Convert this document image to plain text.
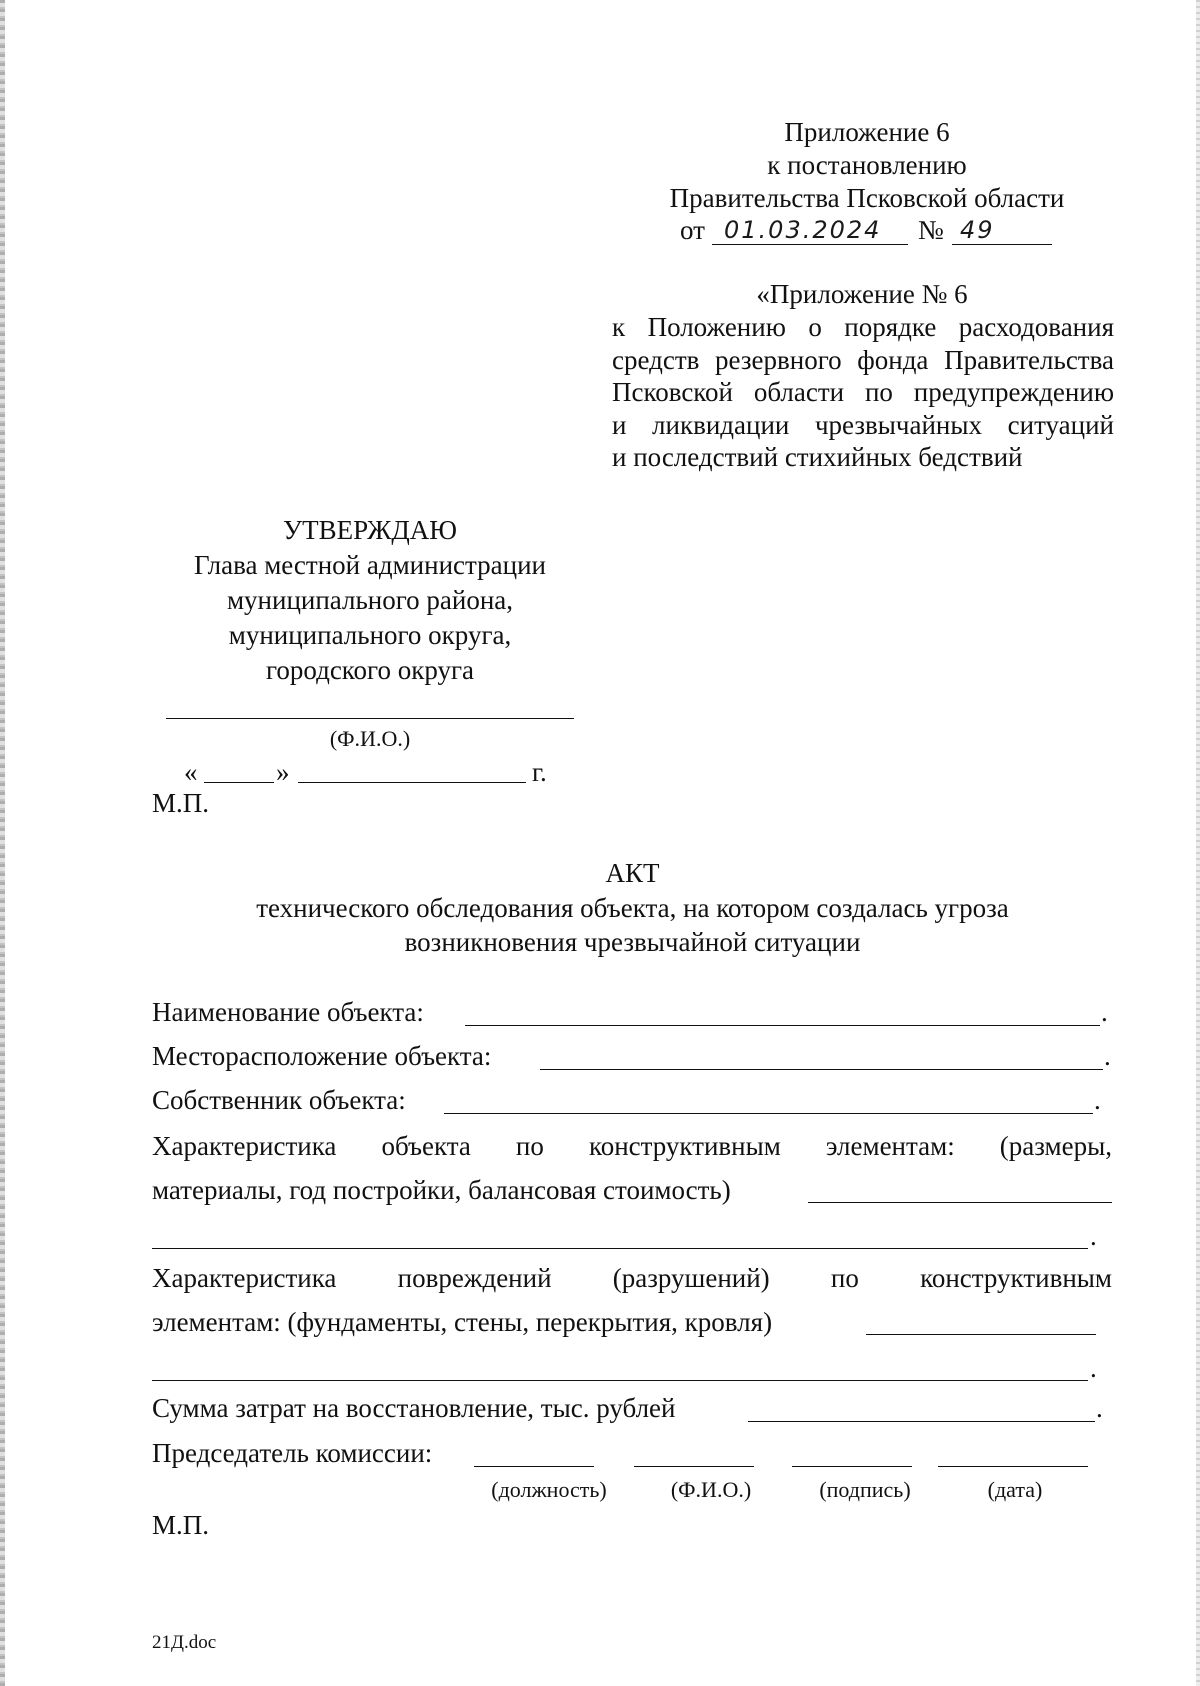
Приложение 6
к постановлению
Правительства Псковской области
от 01.03.2024 № 49
«Приложение № 6
к Положению о порядке расходования
средств резервного фонда Правительства
Псковской области по предупреждению
и ликвидации чрезвычайных ситуаций
и последствий стихийных бедствий
УТВЕРЖДАЮ
Глава местной администрации
муниципального района,
муниципального округа,
городского округа
(Ф.И.О.)
«	»	г.
М.П.
АКТ
технического обследования объекта, на котором создалась угроза
возникновения чрезвычайной ситуации
Наименование объекта:	.
Месторасположение объекта:	.
Собственник объекта:	.
Характеристика объекта по конструктивным элементам: (размеры,
материалы, год постройки, балансовая стоимость)
.
Характеристика повреждений (разрушений) по конструктивным
элементам: (фундаменты, стены, перекрытия, кровля)
.
Сумма затрат на восстановление, тыс. рублей	.
Председатель комиссии:
(должность)	(Ф.И.О.)	(подпись)	(дата)
М.П.
21Д.doc
